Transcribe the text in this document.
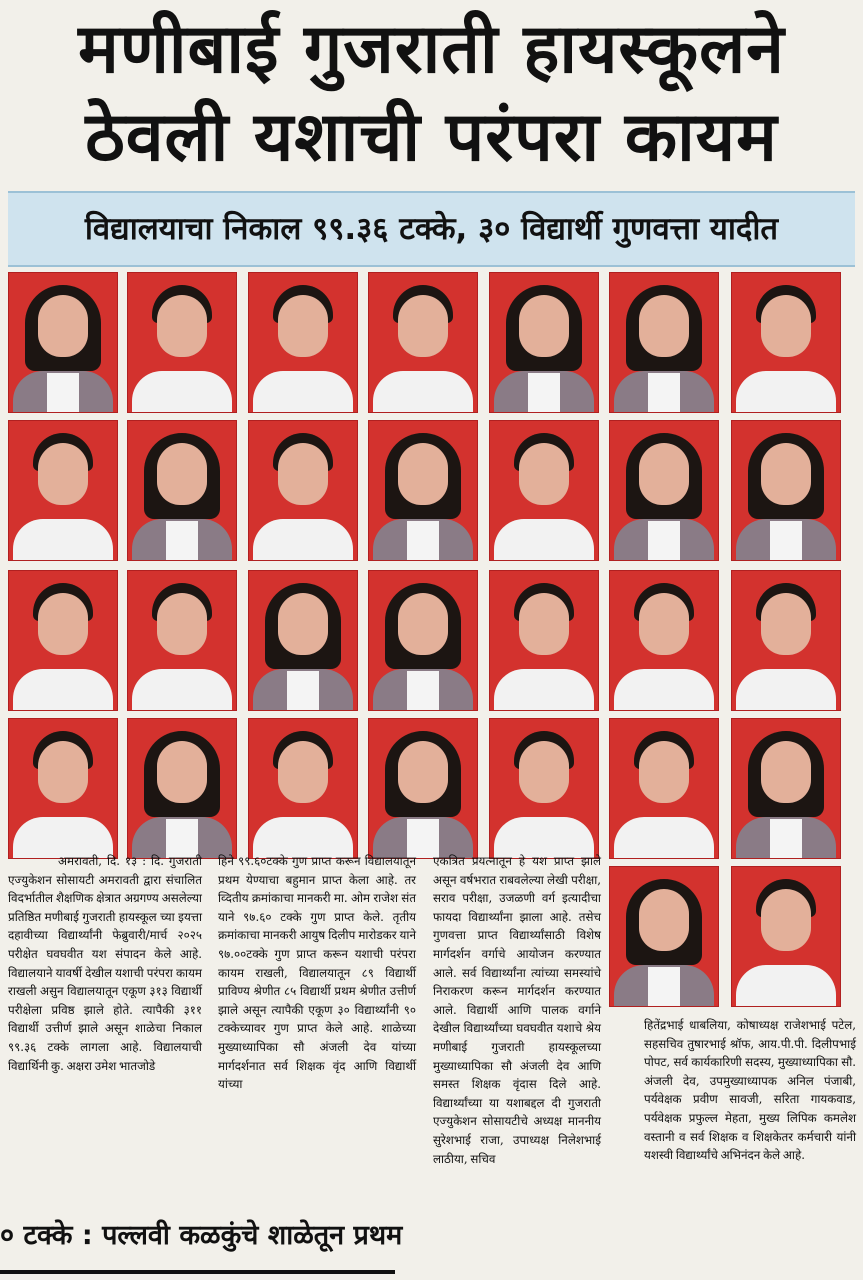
मणीबाई गुजराती हायस्कूलने
ठेवली यशाची परंपरा कायम
विद्यालयाचा निकाल ९९.३६ टक्के, ३० विद्यार्थी गुणवत्ता यादीत
अमरावती, दि. १३ : दि. गुजराती एज्युकेशन सोसायटी अमरावती द्वारा संचालित विदर्भातील शैक्षणिक क्षेत्रात अग्रगण्य असलेल्या प्रतिष्ठित मणीबाई गुजराती हायस्कूल च्या इयत्ता दहावीच्या विद्यार्थ्यांनी फेब्रुवारी/मार्च २०२५ परीक्षेत घवघवीत यश संपादन केले आहे. विद्यालयाने यावर्षी देखील यशाची परंपरा कायम राखली असुन विद्यालयातून एकूण ३१३ विद्यार्थी परीक्षेला प्रविष्ठ झाले होते. त्यापैकी ३११ विद्यार्थी उत्तीर्ण झाले असून शाळेचा निकाल ९९.३६ टक्के लागला आहे. विद्यालयाची विद्यार्थिनी कु. अक्षरा उमेश भातजोडे
हिने ९९.६०टक्के गुण प्राप्त करून विद्यालयातून प्रथम येण्याचा बहुमान प्राप्त केला आहे. तर व्दितीय क्रमांकाचा मानकरी मा. ओम राजेश संत याने ९७.६० टक्के गुण प्राप्त केले. तृतीय क्रमांकाचा मानकरी आयुष दिलीप मारोडकर याने ९७.००टक्के गुण प्राप्त करून यशाची परंपरा कायम राखली, विद्यालयातून ८९ विद्यार्थी प्राविण्य श्रेणीत ८५ विद्यार्थी प्रथम श्रेणीत उत्तीर्ण झाले असून त्यापैकी एकूण ३० विद्यार्थ्यांनी ९० टक्केच्यावर गुण प्राप्त केले आहे. शाळेच्या मुख्याध्यापिका सौ अंजली देव यांच्या मार्गदर्शनात सर्व शिक्षक वृंद आणि विद्यार्थी यांच्या
एकत्रित प्रयत्नातून हे यश प्राप्त झाले असून वर्षभरात राबवलेल्या लेखी परीक्षा, सराव परीक्षा, उजळणी वर्ग इत्यादीचा फायदा विद्यार्थ्यांना झाला आहे. तसेच गुणवत्ता प्राप्त विद्यार्थ्यांसाठी विशेष मार्गदर्शन वर्गाचे आयोजन करण्यात आले. सर्व विद्यार्थ्यांना त्यांच्या समस्यांचे निराकरण करून मार्गदर्शन करण्यात आले. विद्यार्थी आणि पालक वर्गाने देखील विद्यार्थ्यांच्या घवघवीत यशाचे श्रेय मणीबाई गुजराती हायस्कूलच्या मुख्याध्यापिका सौ अंजली देव आणि समस्त शिक्षक वृंदास दिले आहे. विद्यार्थ्यांच्या या यशाबद्दल दी गुजराती एज्युकेशन सोसायटीचे अध्यक्ष माननीय सुरेशभाई राजा, उपाध्यक्ष निलेशभाई लाठीया, सचिव
हितेंद्रभाई धाबलिया, कोषाध्यक्ष राजेशभाई पटेल, सहसचिव तुषारभाई श्रॉफ, आय.पी.पी. दिलीपभाई पोपट, सर्व कार्यकारिणी सदस्य, मुख्याध्यापिका सौ. अंजली देव, उपमुख्याध्यापक अनिल पंजाबी, पर्यवेक्षक प्रवीण सावजी, सरिता गायकवाड, पर्यवेक्षक प्रफुल्ल मेहता, मुख्य लिपिक कमलेश वस्तानी व सर्व शिक्षक व शिक्षकेतर कर्मचारी यांनी यशस्वी विद्यार्थ्यांचे अभिनंदन केले आहे.
० टक्के : पल्लवी कळकुंचे शाळेतून प्रथम
